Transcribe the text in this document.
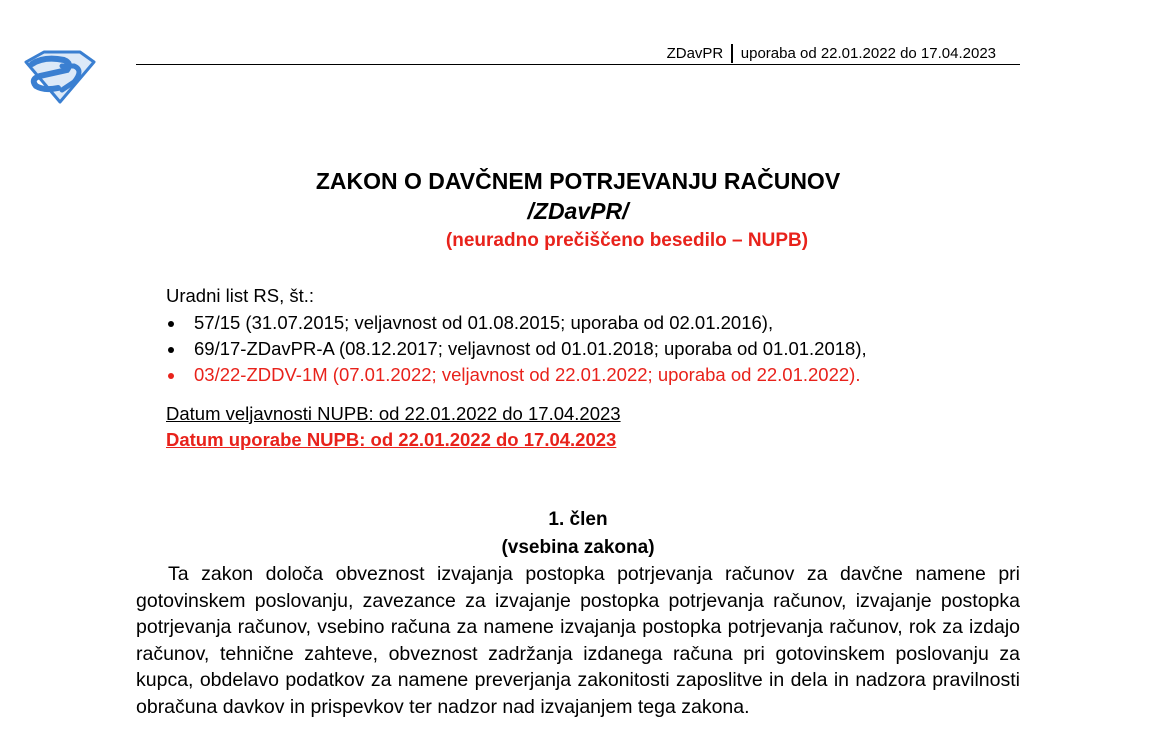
ZDavPR uporaba od 22.01.2022 do 17.04.2023
ZAKON O DAVČNEM POTRJEVANJU RAČUNOV
/ZDavPR/
(neuradno prečiščeno besedilo – NUPB)
Uradni list RS, št.:
57/15 (31.07.2015; veljavnost od 01.08.2015; uporaba od 02.01.2016),
69/17-ZDavPR-A (08.12.2017; veljavnost od 01.01.2018; uporaba od 01.01.2018),
03/22-ZDDV-1M (07.01.2022; veljavnost od 22.01.2022; uporaba od 22.01.2022).
Datum veljavnosti NUPB: od 22.01.2022 do 17.04.2023
Datum uporabe NUPB: od 22.01.2022 do 17.04.2023
1. člen
(vsebina zakona)

Ta zakon določa obveznost izvajanja postopka potrjevanja računov za davčne namene pri gotovinskem poslovanju, zavezance za izvajanje postopka potrjevanja računov, izvajanje postopka potrjevanja računov, vsebino računa za namene izvajanja postopka potrjevanja računov, rok za izdajo računov, tehnične zahteve, obveznost zadržanja izdanega računa pri gotovinskem poslovanju za kupca, obdelavo podatkov za namene preverjanja zakonitosti zaposlitve in dela in nadzora pravilnosti obračuna davkov in prispevkov ter nadzor nad izvajanjem tega zakona.
